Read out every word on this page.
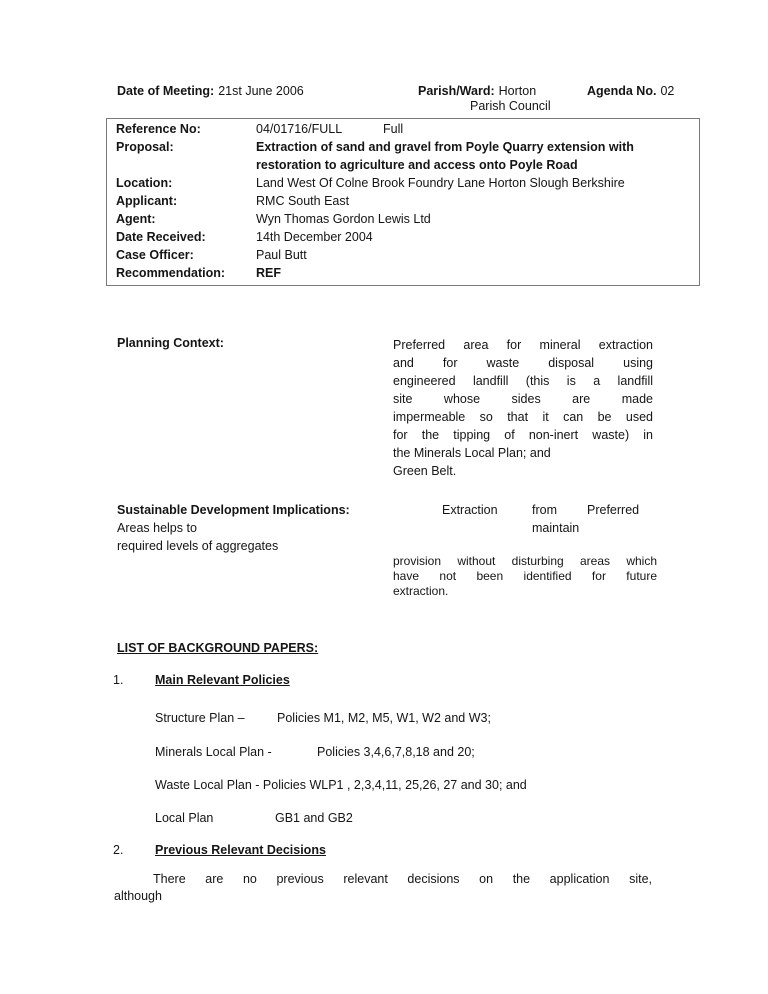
Date of Meeting: 21st June 2006	Parish/Ward: Horton
Parish Council
Agenda No. 02
Reference No:	04/01716/FULL	Full
Proposal:	Extraction of sand and gravel from Poyle Quarry extension with restoration to agriculture and access onto Poyle Road
Location:	Land West Of Colne Brook Foundry Lane Horton Slough Berkshire
Applicant:	RMC South East
Agent:	Wyn Thomas Gordon Lewis Ltd
Date Received:	14th December 2004
Case Officer:	Paul Butt
Recommendation:	REF
Planning Context:	Preferred area for mineral extraction
and for waste disposal using
engineered landfill (this is a landfill
site whose sides are made
impermeable so that it can be used
for the tipping of non-inert waste) in
the Minerals Local Plan; and
Green Belt.
Sustainable Development Implications:	Extraction	from Preferred
Areas helps to	maintain
required levels of aggregates
provision without disturbing areas which
have not been identified for future
extraction.
LIST OF BACKGROUND PAPERS:
1.	Main Relevant Policies
Structure Plan –	Policies M1, M2, M5, W1, W2 and W3;
Minerals Local Plan -	Policies 3,4,6,7,8,18 and 20;
Waste Local Plan - Policies WLP1 , 2,3,4,11, 25,26, 27 and 30; and
Local Plan	GB1 and GB2
2.	Previous Relevant Decisions
There are no previous relevant decisions on the application site,
although
